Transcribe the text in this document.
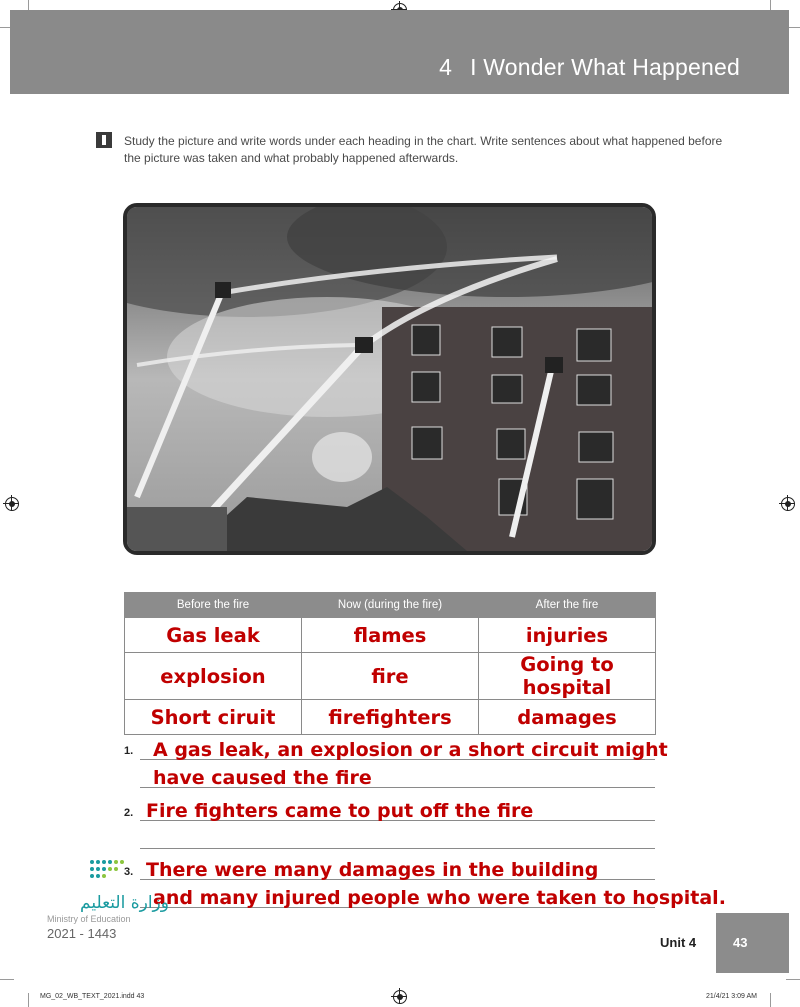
4 I Wonder What Happened
Study the picture and write words under each heading in the chart. Write sentences about what happened before the picture was taken and what probably happened afterwards.
Before the fire	Now (during the fire)	After the fire
Gas leak	flames	injuries
explosion	fire	Going to hospital
Short ciruit	firefighters	damages
1. A gas leak, an explosion or a short circuit might
have caused the fire
2. Fire fighters came to put off the fire
3. There were many damages in the building
and many injured people who were taken to hospital.
وزارة التعليم
Ministry of Education
2021 - 1443
Unit 4	43
MG_02_WB_TEXT_2021.indd 43	21/4/21 3:09 AM
